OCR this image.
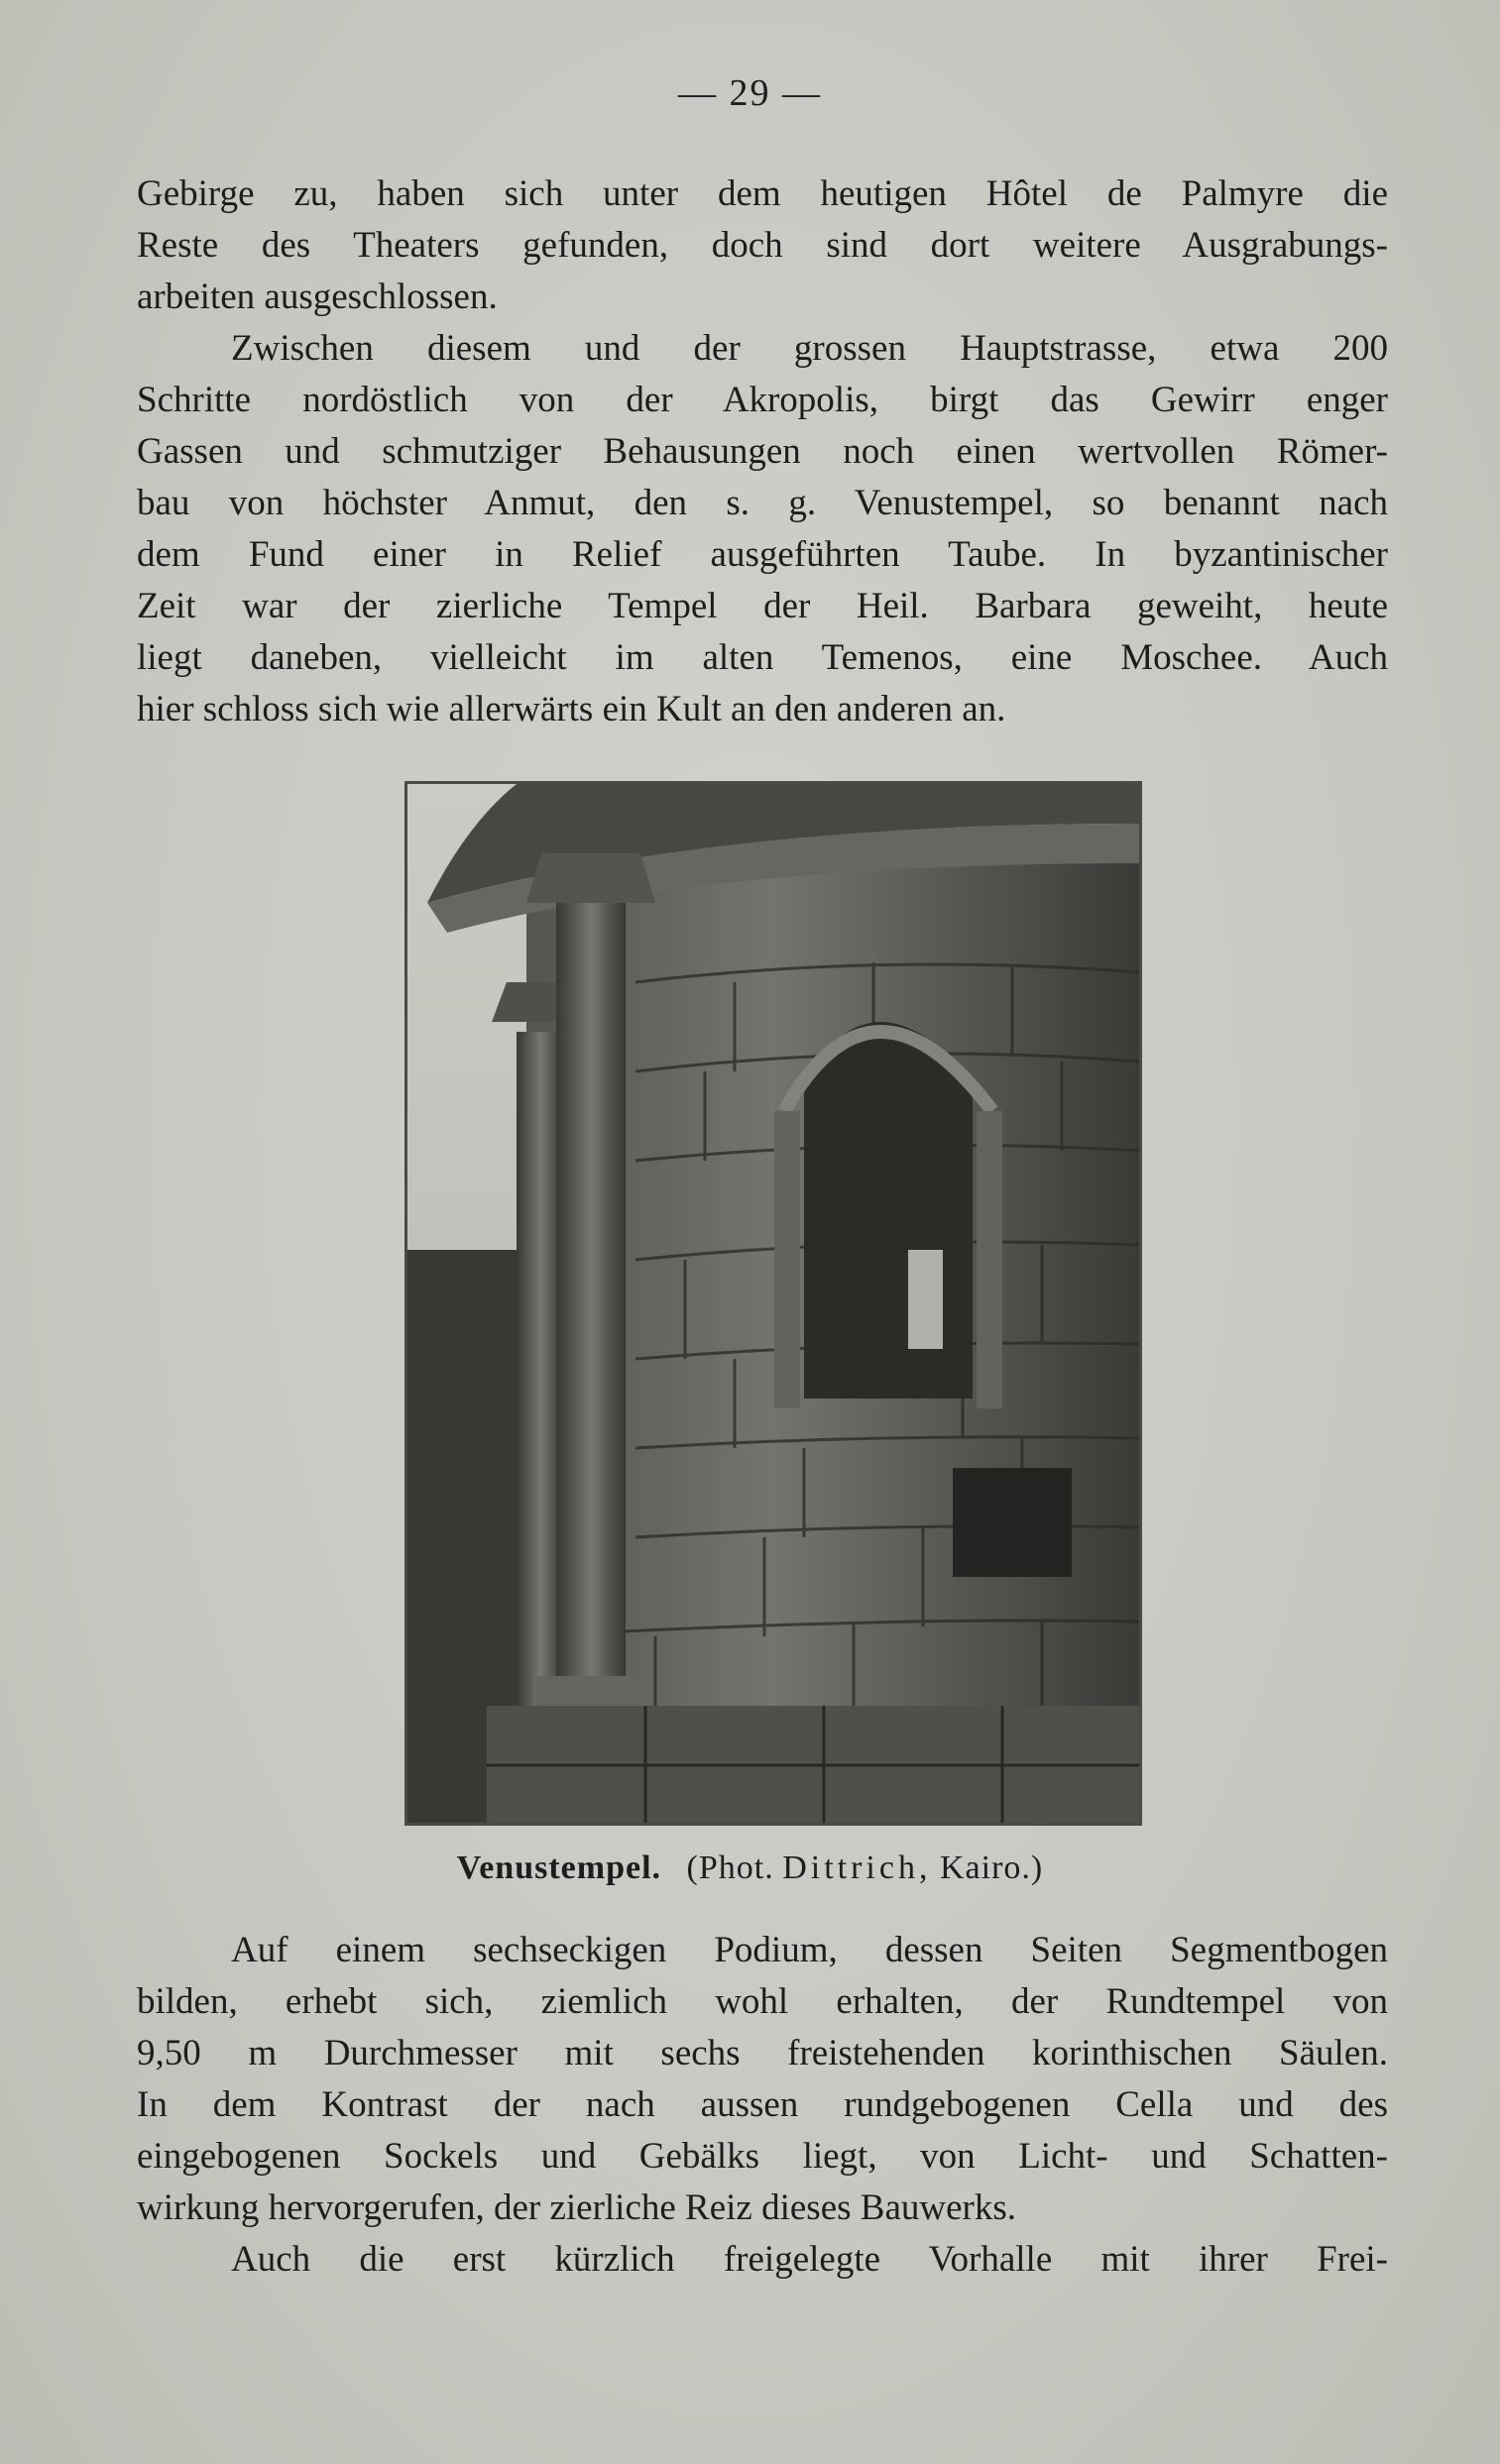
— 29 —

Gebirge zu, haben sich unter dem heutigen Hôtel de Palmyre die
Reste des Theaters gefunden, doch sind dort weitere Ausgrabungs-
arbeiten ausgeschlossen.

Zwischen diesem und der grossen Hauptstrasse, etwa 200
Schritte nordöstlich von der Akropolis, birgt das Gewirr enger
Gassen und schmutziger Behausungen noch einen wertvollen Römer-
bau von höchster Anmut, den s. g. Venustempel, so benannt nach
dem Fund einer in Relief ausgeführten Taube. In byzantinischer
Zeit war der zierliche Tempel der Heil. Barbara geweiht, heute
liegt daneben, vielleicht im alten Temenos, eine Moschee. Auch
hier schloss sich wie allerwärts ein Kult an den anderen an.

Venustempel. (Phot. Dittrich, Kairo.)

Auf einem sechseckigen Podium, dessen Seiten Segmentbogen
bilden, erhebt sich, ziemlich wohl erhalten, der Rundtempel von
9,50 m Durchmesser mit sechs freistehenden korinthischen Säulen.
In dem Kontrast der nach aussen rundgebogenen Cella und des
eingebogenen Sockels und Gebälks liegt, von Licht- und Schatten-
wirkung hervorgerufen, der zierliche Reiz dieses Bauwerks.

Auch die erst kürzlich freigelegte Vorhalle mit ihrer Frei-
